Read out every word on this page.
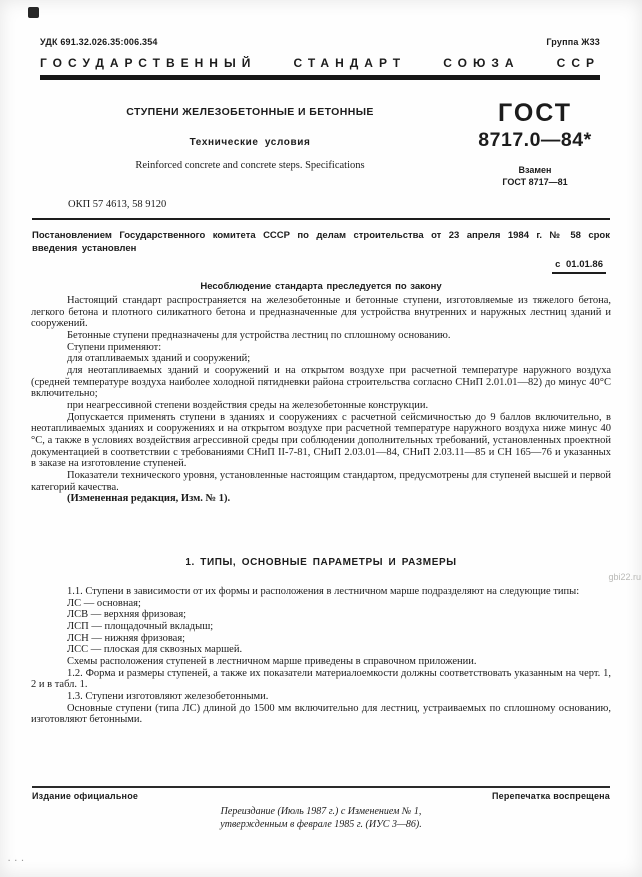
···
УДК 691.32.026.35:006.354	Группа Ж33
ГОСУДАРСТВЕННЫЙ	СТАНДАРТ	СОЮЗА	ССР
СТУПЕНИ ЖЕЛЕЗОБЕТОННЫЕ И БЕТОННЫЕ
Технические условия
Reinforced concrete and concrete steps. Specifications
ОКП 57 4613, 58 9120
ГОСТ
8717.0—84*
Взамен
ГОСТ 8717—81
Постановлением Государственного комитета СССР по делам строительства от 23 апреля 1984 г. № 58 срок введения установлен
с 01.01.86
Несоблюдение стандарта преследуется по закону

Настоящий стандарт распространяется на железобетонные и бетонные ступени, изготовляемые из тяжелого бетона, легкого бетона и плотного силикатного бетона и предназначенные для устройства внутренних и наружных лестниц зданий и сооружений.

Бетонные ступени предназначены для устройства лестниц по сплошному основанию.

Ступени применяют:

для отапливаемых зданий и сооружений;

для неотапливаемых зданий и сооружений и на открытом воздухе при расчетной температуре наружного воздуха (средней температуре воздуха наиболее холодной пятидневки района строительства согласно СНиП 2.01.01—82) до минус 40°С включительно;

при неагрессивной степени воздействия среды на железобетонные конструкции.

Допускается применять ступени в зданиях и сооружениях с расчетной сейсмичностью до 9 баллов включительно, в неотапливаемых зданиях и сооружениях и на открытом воздухе при расчетной температуре наружного воздуха ниже минус 40 °С, а также в условиях воздействия агрессивной среды при соблюдении дополнительных требований, установленных проектной документацией в соответствии с требованиями СНиП II-7-81, СНиП 2.03.01—84, СНиП 2.03.11—85 и СН 165—76 и указанных в заказе на изготовление ступеней.

Показатели технического уровня, установленные настоящим стандартом, предусмотрены для ступеней высшей и первой категорий качества.

(Измененная редакция, Изм. № 1).

1. ТИПЫ, ОСНОВНЫЕ ПАРАМЕТРЫ И РАЗМЕРЫ
gbi22.ru

1.1. Ступени в зависимости от их формы и расположения в лестничном марше подразделяют на следующие типы:

ЛС — основная;

ЛСВ — верхняя фризовая;

ЛСП — площадочный вкладыш;

ЛСН — нижняя фризовая;

ЛСС — плоская для сквозных маршей.

Схемы расположения ступеней в лестничном марше приведены в справочном приложении.

1.2. Форма и размеры ступеней, а также их показатели материалоемкости должны соответствовать указанным на черт. 1, 2 и в табл. 1.

1.3. Ступени изготовляют железобетонными.

Основные ступени (типа ЛС) длиной до 1500 мм включительно для лестниц, устраиваемых по сплошному основанию, изготовляют бетонными.

Издание официальное	Перепечатка воспрещена
Переиздание (Июль 1987 г.) с Изменением № 1,
утвержденным в феврале 1985 г. (ИУС 3—86).
